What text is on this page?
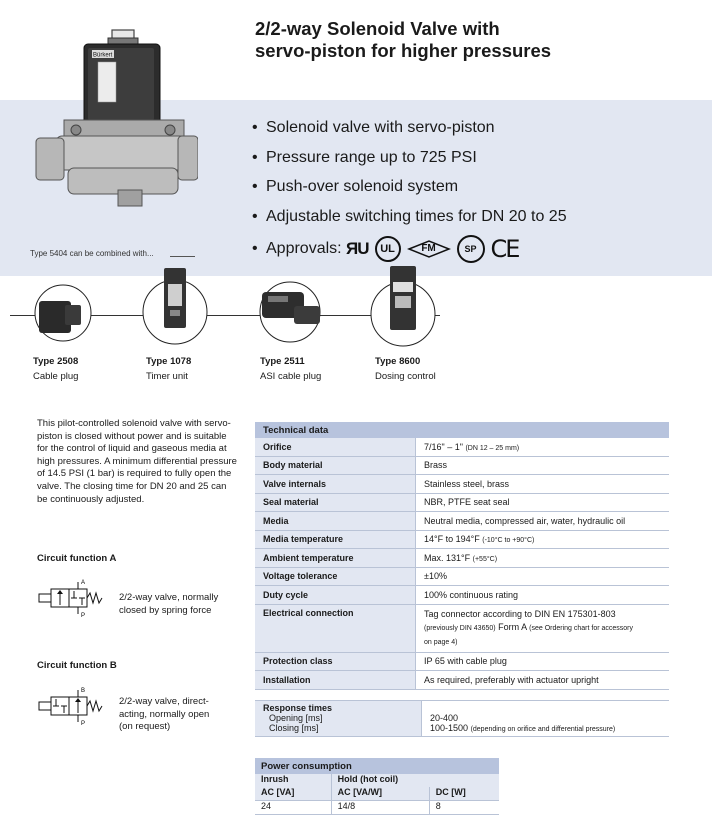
2/2-way Solenoid Valve with
servo-piston for higher pressures
Bürkert
• Solenoid valve with servo-piston
• Pressure range up to 725 PSI
• Push-over solenoid system
• Adjustable switching times for DN 20 to 25
• Approvals: ЯU	UL	FM	SP CE
Type 5404 can be combined with...
Type 2508
Cable plug
Type 1078
Timer unit
Type 2511
ASI cable plug
Type 8600
Dosing control

This pilot-controlled solenoid valve with servo-piston is closed without power and is suitable for the control of liquid and gaseous media at high pressures. A minimum differential pressure of 14.5 PSI (1 bar) is required to fully open the valve. The closing time for DN 20 and 25 can be continuously adjusted.

Circuit function A
A
P
2/2-way valve, normally
closed by spring force
Circuit function B
B
P
2/2-way valve, direct-
acting, normally open
(on request)
Technical data	
Orifice	7/16" – 1" (DN 12 – 25 mm)
Body material	Brass
Valve internals	Stainless steel, brass
Seal material	NBR, PTFE seat seal
Media	Neutral media, compressed air, water, hydraulic oil
Media temperature	14°F to 194°F (-10°C to +90°C)
Ambient temperature	Max. 131°F (+55°C)
Voltage tolerance	±10%
Duty cycle	100% continuous rating
Electrical connection	Tag connector according to DIN EN 175301-803
(previously DIN 43650) Form A (see Ordering chart for accessory
on page 4)
Protection class	IP 65 with cable plug
Installation	As required, preferably with actuator upright
Response times	
Opening [ms]	20-400
Closing [ms]	100-1500 (depending on orifice and differential pressure)
Power consumption		
Inrush	Hold (hot coil)	
AC [VA]	AC [VA/W]	DC [W]
24	14/8	8
